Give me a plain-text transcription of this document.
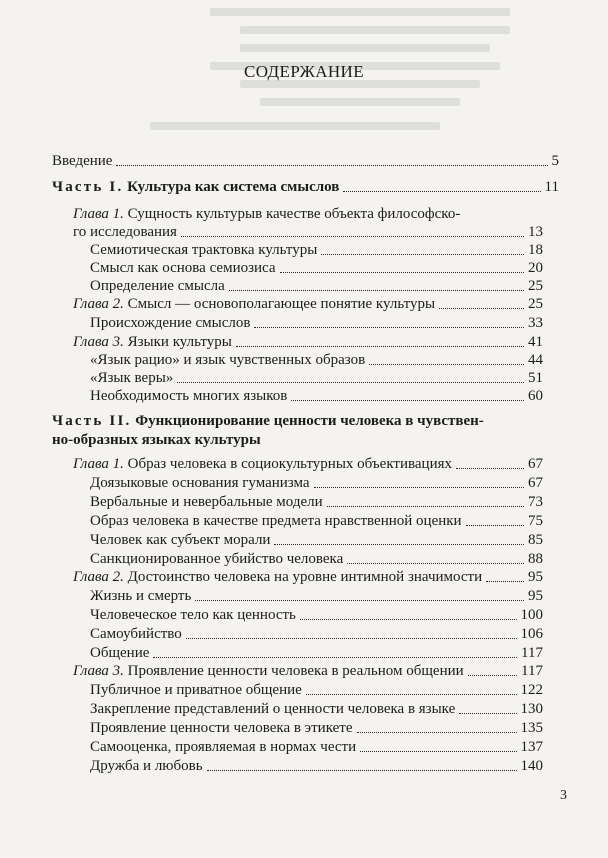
СОДЕРЖАНИЕ
Введение	5
Часть I. Культура как система смыслов	11
Глава 1. Сущность культурыв качестве объекта философско-
го исследования	13
Семиотическая трактовка культуры	18
Смысл как основа семиозиса	20
Определение смысла	25
Глава 2. Смысл — основополагающее понятие культуры	25
Происхождение смыслов	33
Глава 3. Языки культуры	41
«Язык рацио» и язык чувственных образов	44
«Язык веры»	51
Необходимость многих языков	60
Часть II. Функционирование ценности человека в чувствен-
но-образных языках культуры
Глава 1. Образ человека в социокультурных объективациях	67
Доязыковые основания гуманизма	67
Вербальные и невербальные модели	73
Образ человека в качестве предмета нравственной оценки	75
Человек как субъект морали	85
Санкционированное убийство человека	88
Глава 2. Достоинство человека на уровне интимной значимости	95
Жизнь и смерть	95
Человеческое тело как ценность	100
Самоубийство	106
Общение	117
Глава 3. Проявление ценности человека в реальном общении	117
Публичное и приватное общение	122
Закрепление представлений о ценности человека в языке	130
Проявление ценности человека в этикете	135
Самооценка, проявляемая в нормах чести	137
Дружба и любовь	140
3
